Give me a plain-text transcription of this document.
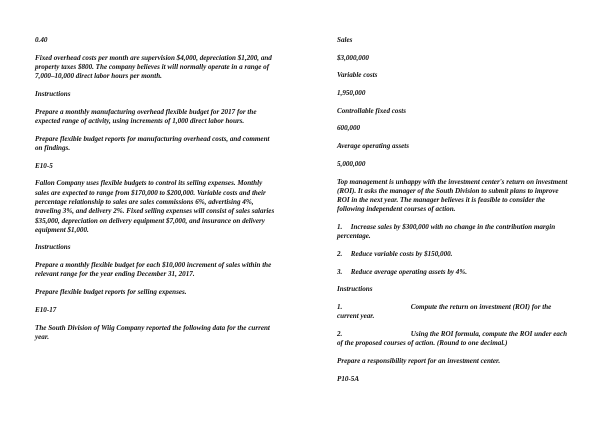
0.40

Fixed overhead costs per month are supervision $4,000, depreciation $1,200, and property taxes $800. The company believes it will normally operate in a range of 7,000–10,000 direct labor hours per month.

Instructions

Prepare a monthly manufacturing overhead flexible budget for 2017 for the expected range of activity, using increments of 1,000 direct labor hours.

Prepare flexible budget reports for manufacturing overhead costs, and comment on findings.

E10-5

Fallon Company uses flexible budgets to control its selling expenses. Monthly sales are expected to range from $170,000 to $200,000. Variable costs and their percentage relationship to sales are sales commissions 6%, advertising 4%, traveling 3%, and delivery 2%. Fixed selling expenses will consist of sales salaries $35,000, depreciation on delivery equipment $7,000, and insurance on delivery equipment $1,000.

Instructions

Prepare a monthly flexible budget for each $10,000 increment of sales within the relevant range for the year ending December 31, 2017.

Prepare flexible budget reports for selling expenses.

E10-17

The South Division of Wiig Company reported the following data for the current year.

Sales

$3,000,000

Variable costs

1,950,000

Controllable fixed costs

600,000

Average operating assets

5,000,000

Top management is unhappy with the investment center's return on investment (ROI). It asks the manager of the South Division to submit plans to improve ROI in the next year. The manager believes it is feasible to consider the following independent courses of action.

1. Increase sales by $300,000 with no change in the contribution margin percentage.

2. Reduce variable costs by $150,000.

3. Reduce average operating assets by 4%.

Instructions

1.	Compute the return on investment (ROI) for the current year.

2.	Using the ROI formula, compute the ROI under each of the proposed courses of action. (Round to one decimal.)

Prepare a responsibility report for an investment center.

P10-5A
